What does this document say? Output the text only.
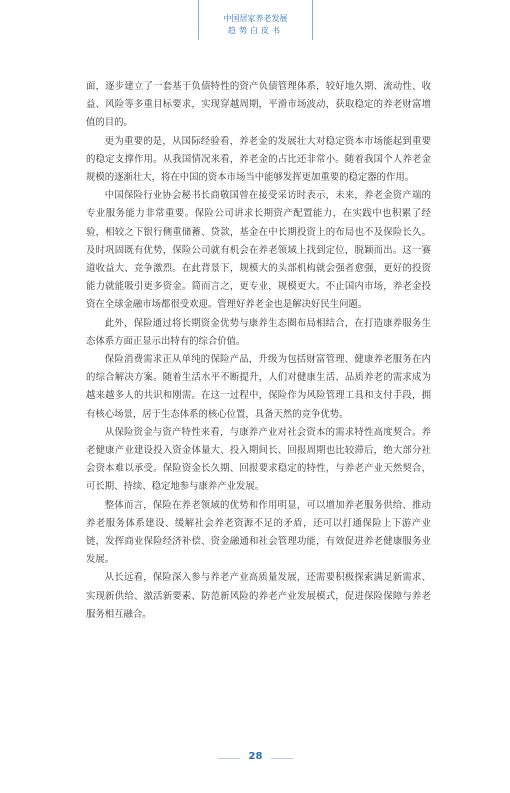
中国居家养老发展
趋势白皮书

面，逐步建立了一套基于负债特性的资产负债管理体系，较好地久期、流动性、收益、风险等多重目标要求，实现穿越周期，平滑市场波动，获取稳定的养老财富增值的目的。

更为重要的是，从国际经验看，养老金的发展壮大对稳定资本市场能起到重要的稳定支撑作用。从我国情况来看，养老金的占比还非常小。随着我国个人养老金规模的逐渐壮大，将在中国的资本市场当中能够发挥更加重要的稳定器的作用。

中国保险行业协会秘书长商敬国曾在接受采访时表示，未来，养老金资产端的专业服务能力非常重要。保险公司讲求长期资产配置能力，在实践中也积累了经验，相较之下银行侧重储蓄、贷款，基金在中长期投资上的布局也不及保险长久。及时巩固既有优势，保险公司就有机会在养老领域上找到定位，脱颖而出。这一赛道收益大、竞争激烈。在此背景下，规模大的头部机构就会强者愈强，更好的投资能力就能吸引更多资金。简而言之，更专业，规模更大。不止国内市场，养老金投资在全球金融市场都很受欢迎。管理好养老金也是解决好民生问题。

此外，保险通过将长期资金优势与康养生态圈布局相结合，在打造康养服务生态体系方面正显示出特有的综合价值。

保险消费需求正从单纯的保险产品，升级为包括财富管理、健康养老服务在内的综合解决方案。随着生活水平不断提升，人们对健康生活、品质养老的需求成为越来越多人的共识和刚需。在这一过程中，保险作为风险管理工具和支付手段，拥有核心场景，居于生态体系的核心位置，具备天然的竞争优势。

从保险资金与资产特性来看，与康养产业对社会资本的需求特性高度契合。养老健康产业建设投入资金体量大、投入期间长、回报周期也比较滞后，绝大部分社会资本难以承受。保险资金长久期、回报要求稳定的特性，与养老产业天然契合，可长期、持续、稳定地参与康养产业发展。

整体而言，保险在养老领域的优势和作用明显，可以增加养老服务供给、推动养老服务体系建设、缓解社会养老资源不足的矛盾，还可以打通保险上下游产业链，发挥商业保险经济补偿、资金融通和社会管理功能，有效促进养老健康服务业发展。

从长远看，保险深入参与养老产业高质量发展，还需要积极探索满足新需求、实现新供给、激活新要素、防范新风险的养老产业发展模式，促进保险保障与养老服务相互融合。

28
